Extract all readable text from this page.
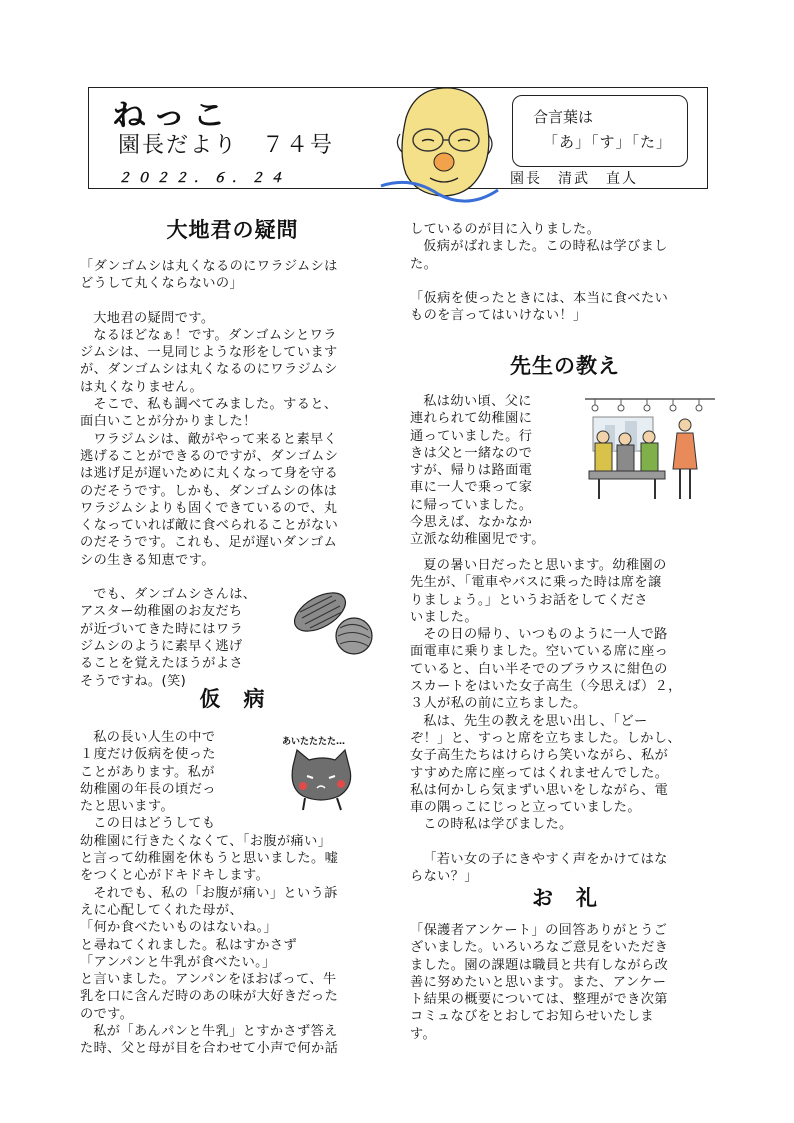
ねっこ
園長だより　７４号
２０２２．６．２４
合言葉は
「あ」「す」「た」
園長　清武　直人
大地君の疑問

「ダンゴムシは丸くなるのにワラジムシは

どうして丸くならないの」

大地君の疑問です。

なるほどなぁ！です。ダンゴムシとワラ

ジムシは、一見同じような形をしています

が、ダンゴムシは丸くなるのにワラジムシ

は丸くなりません。

そこで、私も調べてみました。すると、

面白いことが分かりました！

ワラジムシは、敵がやって来ると素早く

逃げることができるのですが、ダンゴムシ

は逃げ足が遅いために丸くなって身を守る

のだそうです。しかも、ダンゴムシの体は

ワラジムシよりも固くできているので、丸

くなっていれば敵に食べられることがない

のだそうです。これも、足が遅いダンゴム

シの生きる知恵です。

でも、ダンゴムシさんは、

アスター幼稚園のお友だち

が近づいてきた時にはワラ

ジムシのように素早く逃げ

ることを覚えたほうがよさ

そうですね。(笑)

仮　病

私の長い人生の中で

１度だけ仮病を使った

ことがあります。私が

幼稚園の年長の頃だっ

たと思います。

この日はどうしても

幼稚園に行きたくなくて、「お腹が痛い」

と言って幼稚園を休もうと思いました。嘘

をつくと心がドキドキします。

それでも、私の「お腹が痛い」という訴

えに心配してくれた母が、

「何か食べたいものはないね。」

と尋ねてくれました。私はすかさず

「アンパンと牛乳が食べたい。」

と言いました。アンパンをほおばって、牛

乳を口に含んだ時のあの味が大好きだった

のです。

私が「あんパンと牛乳」とすかさず答え

た時、父と母が目を合わせて小声で何か話

あいたたたた…

しているのが目に入りました。

仮病がばれました。この時私は学びまし

た。

「仮病を使ったときには、本当に食べたい

ものを言ってはいけない！」

先生の教え

私は幼い頃、父に

連れられて幼稚園に

通っていました。行

きは父と一緒なので

すが、帰りは路面電

車に一人で乗って家

に帰っていました。

今思えば、なかなか

立派な幼稚園児です。

夏の暑い日だったと思います。幼稚園の

先生が、「電車やバスに乗った時は席を譲

りましょう。」というお話をしてくださ

いました。

その日の帰り、いつものように一人で路

面電車に乗りました。空いている席に座っ

ていると、白い半そでのブラウスに紺色の

スカートをはいた女子高生（今思えば）２，

３人が私の前に立ちました。

私は、先生の教えを思い出し、「どー

ぞ！」と、すっと席を立ちました。しかし、

女子高生たちはけらけら笑いながら、私が

すすめた席に座ってはくれませんでした。

私は何かしら気まずい思いをしながら、電

車の隅っこにじっと立っていました。

この時私は学びました。

「若い女の子にきやすく声をかけてはな

らない？」

お　礼

「保護者アンケート」の回答ありがとうご

ざいました。いろいろなご意見をいただき

ました。園の課題は職員と共有しながら改

善に努めたいと思います。また、アンケー

ト結果の概要については、整理ができ次第

コミュなびをとおしてお知らせいたしま

す。
